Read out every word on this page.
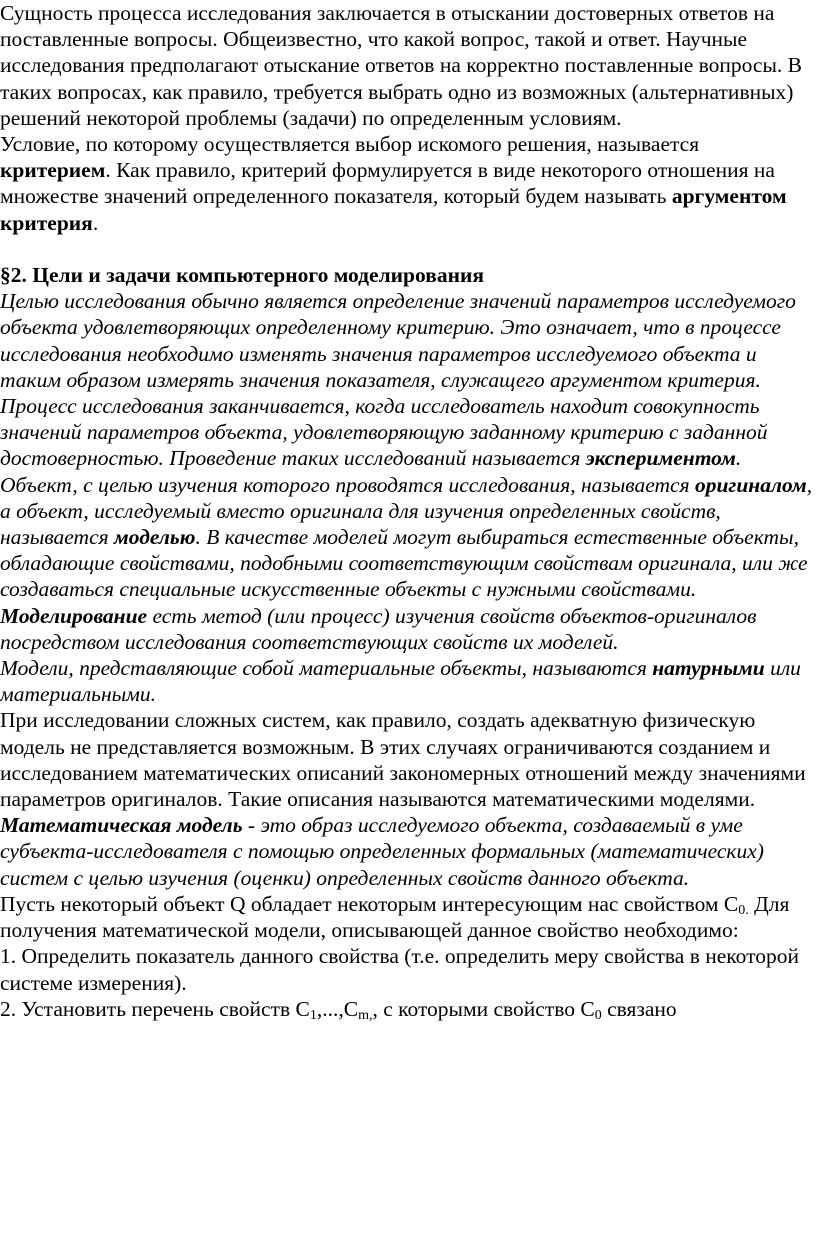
Сущность процесса исследования заключается в отыскании достоверных ответов на поставленные вопросы. Общеизвестно, что какой вопрос, такой и ответ. Научные исследования предполагают отыскание ответов на корректно поставленные вопросы. В таких вопросах, как правило, требуется выбрать одно из возможных (альтернативных) решений некоторой проблемы (задачи) по определенным условиям.

Условие, по которому осуществляется выбор искомого решения, называется критерием. Как правило, критерий формулируется в виде некоторого отношения на множестве значений определенного показателя, который будем называть аргументом критерия.

§2. Цели и задачи компьютерного моделирования

Целью исследования обычно является определение значений параметров исследуемого объекта удовлетворяющих определенному критерию. Это означает, что в процессе исследования необходимо изменять значения параметров исследуемого объекта и таким образом измерять значения показателя, служащего аргументом критерия.

Процесс исследования заканчивается, когда исследователь находит совокупность значений параметров объекта, удовлетворяющую заданному критерию с заданной достоверностью. Проведение таких исследований называется экспериментом.

Объект, с целью изучения которого проводятся исследования, называется оригиналом, а объект, исследуемый вместо оригинала для изучения определенных свойств, называется моделью. В качестве моделей могут выбираться естественные объекты, обладающие свойствами, подобными соответствующим свойствам оригинала, или же создаваться специальные искусственные объекты с нужными свойствами.

Моделирование есть метод (или процесс) изучения свойств объектов-оригиналов посредством исследования соответствующих свойств их моделей.

Модели, представляющие собой материальные объекты, называются натурными или материальными.

При исследовании сложных систем, как правило, создать адекватную физическую модель не представляется возможным. В этих случаях ограничиваются созданием и исследованием математических описаний закономерных отношений между значениями параметров оригиналов. Такие описания называются математическими моделями.

Математическая модель - это образ исследуемого объекта, создаваемый в уме субъекта-исследователя с помощью определенных формальных (математических) систем с целью изучения (оценки) определенных свойств данного объекта.

Пусть некоторый объект Q обладает некоторым интересующим нас свойством $С_{0.}$ Для получения математической модели, описывающей данное свойство необходимо:

1. Определить показатель данного свойства (т.е. определить меру свойства в некоторой системе измерения).

2. Установить перечень свойств $С_1,...,С_{m,}$, с которыми свойство $С_0$ связано
